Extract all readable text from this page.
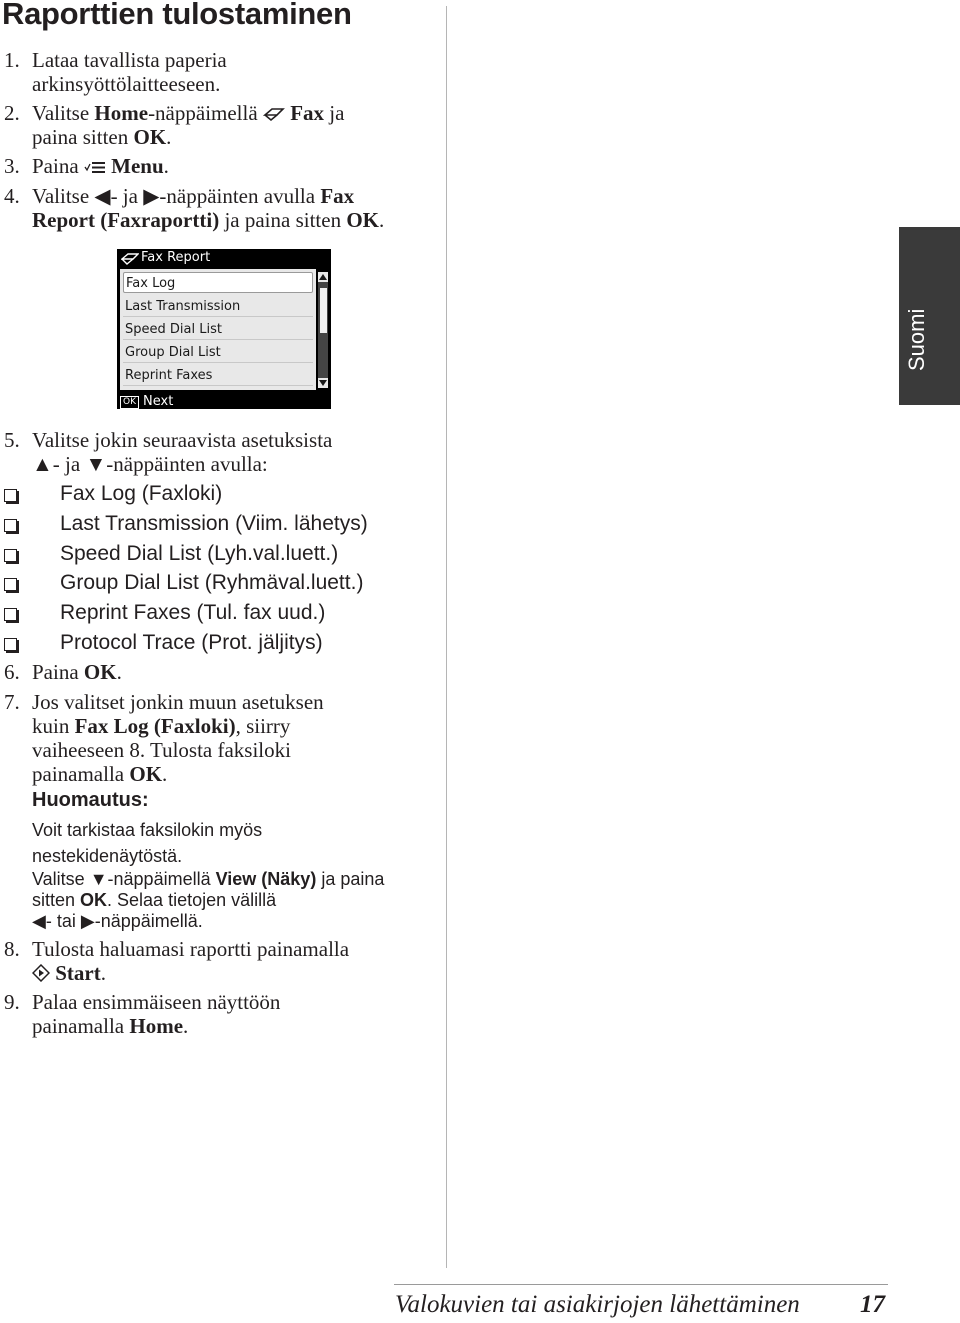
Raporttien tulostaminen
1. Lataa tavallista paperia
arkinsyöttölaitteeseen.
2. Valitse Home-näppäimellä  Fax ja
paina sitten OK.
3. Paina  Menu.
4. Valitse ◀- ja ▶-näppäinten avulla Fax
Report (Faxraportti) ja paina sitten OK.
Fax Report
Fax Log
Last Transmission
Speed Dial List
Group Dial List
Reprint Faxes
OK Next
Suomi
5. Valitse jokin seuraavista asetuksista
▲- ja ▼-näppäinten avulla:
Fax Log (Faxloki)
Last Transmission (Viim. lähetys)
Speed Dial List (Lyh.val.luett.)
Group Dial List (Ryhmäval.luett.)
Reprint Faxes (Tul. fax uud.)
Protocol Trace (Prot. jäljitys)
6. Paina OK.
7. Jos valitset jonkin muun asetuksen
kuin Fax Log (Faxloki), siirry
vaiheeseen 8. Tulosta faksiloki
painamalla OK.
Huomautus:
Voit tarkistaa faksilokin myös
nestekidenäytöstä.
Valitse ▼-näppäimellä View (Näky) ja paina
sitten OK. Selaa tietojen välillä
◀- tai ▶-näppäimellä.
8. Tulosta haluamasi raportti painamalla
Start.
9. Palaa ensimmäiseen näyttöön
painamalla Home.
Valokuvien tai asiakirjojen lähettäminen 17
